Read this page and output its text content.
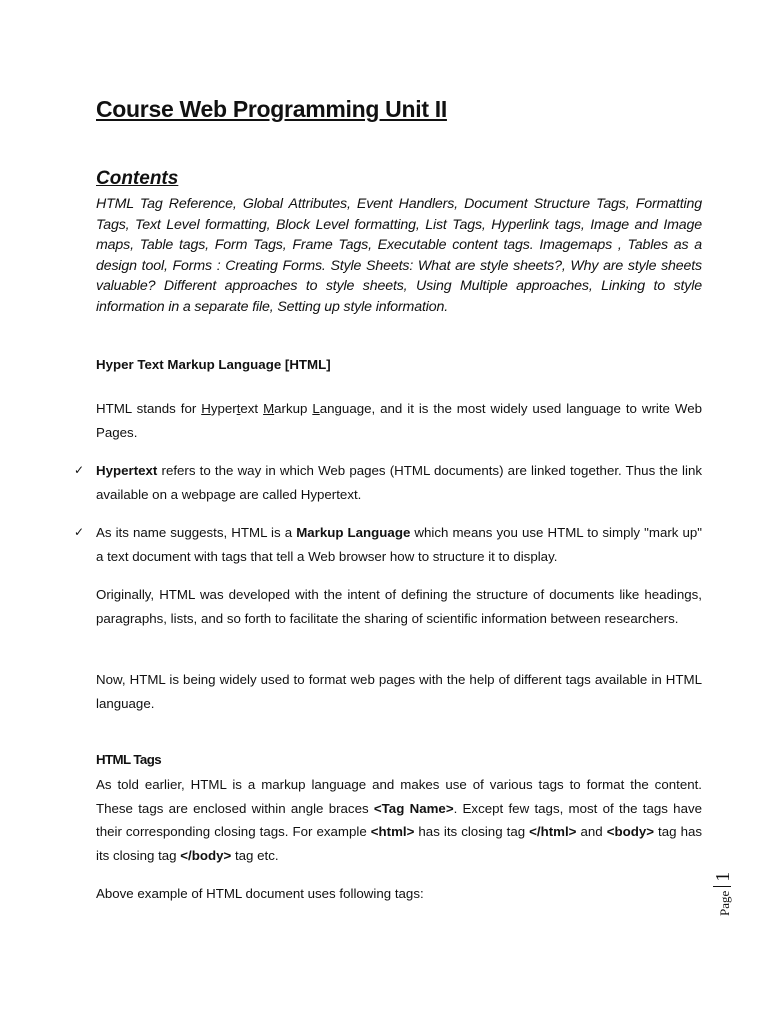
Course Web Programming Unit II
Contents
HTML Tag Reference, Global Attributes, Event Handlers, Document Structure Tags, Formatting Tags, Text Level formatting, Block Level formatting, List Tags, Hyperlink tags, Image and Image maps, Table tags, Form Tags, Frame Tags, Executable content tags. Imagemaps , Tables as a design tool, Forms : Creating Forms. Style Sheets: What are style sheets?, Why are style sheets valuable? Different approaches to style sheets, Using Multiple approaches, Linking to style information in a separate file, Setting up style information.
Hyper Text Markup Language [HTML]
HTML stands for Hypertext Markup Language, and it is the most widely used language to write Web Pages.
✓ Hypertext refers to the way in which Web pages (HTML documents) are linked together. Thus the link available on a webpage are called Hypertext.
✓ As its name suggests, HTML is a Markup Language which means you use HTML to simply "mark up" a text document with tags that tell a Web browser how to structure it to display.
Originally, HTML was developed with the intent of defining the structure of documents like headings, paragraphs, lists, and so forth to facilitate the sharing of scientific information between researchers.
Now, HTML is being widely used to format web pages with the help of different tags available in HTML language.
HTML Tags
As told earlier, HTML is a markup language and makes use of various tags to format the content. These tags are enclosed within angle braces <Tag Name>. Except few tags, most of the tags have their corresponding closing tags. For example <html> has its closing tag </html> and <body> tag has its closing tag </body> tag etc.
Above example of HTML document uses following tags:	Page1
